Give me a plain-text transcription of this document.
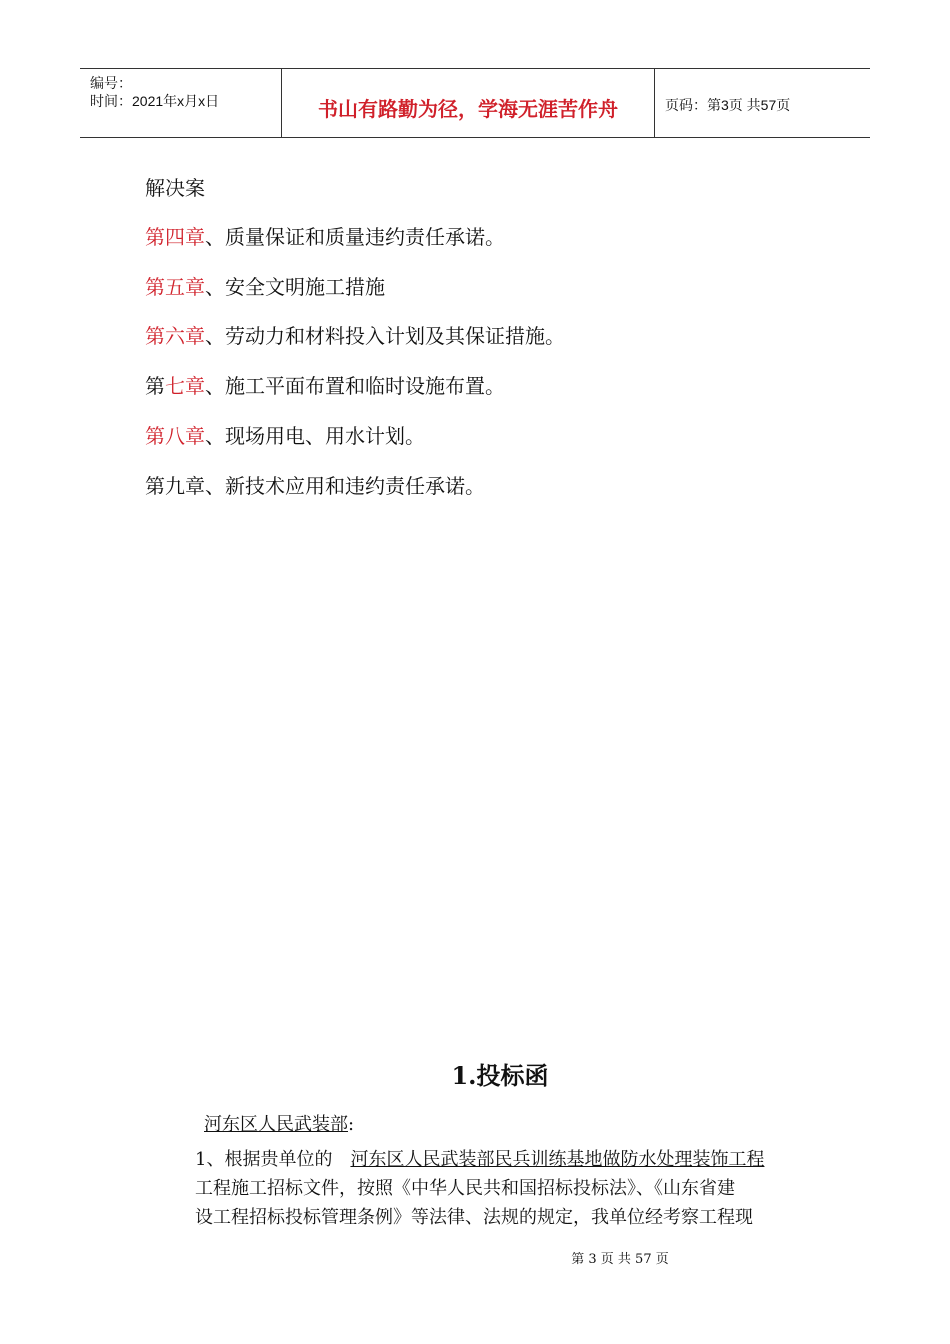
编号：
时间：2021年x月x日	书山有路勤为径，学海无涯苦作舟	页码：第3页 共57页
解决案
第四章、质量保证和质量违约责任承诺。
第五章、安全文明施工措施
第六章、劳动力和材料投入计划及其保证措施。
第七章、施工平面布置和临时设施布置。
第八章、现场用电、用水计划。
第九章、新技术应用和违约责任承诺。
1.投标函
河东区人民武装部:
1、根据贵单位的 河东区人民武装部民兵训练基地做防水处理装饰工程
工程施工招标文件，按照《中华人民共和国招标投标法》、《山东省建
设工程招标投标管理条例》等法律、法规的规定，我单位经考察工程现
第 3 页 共 57 页
